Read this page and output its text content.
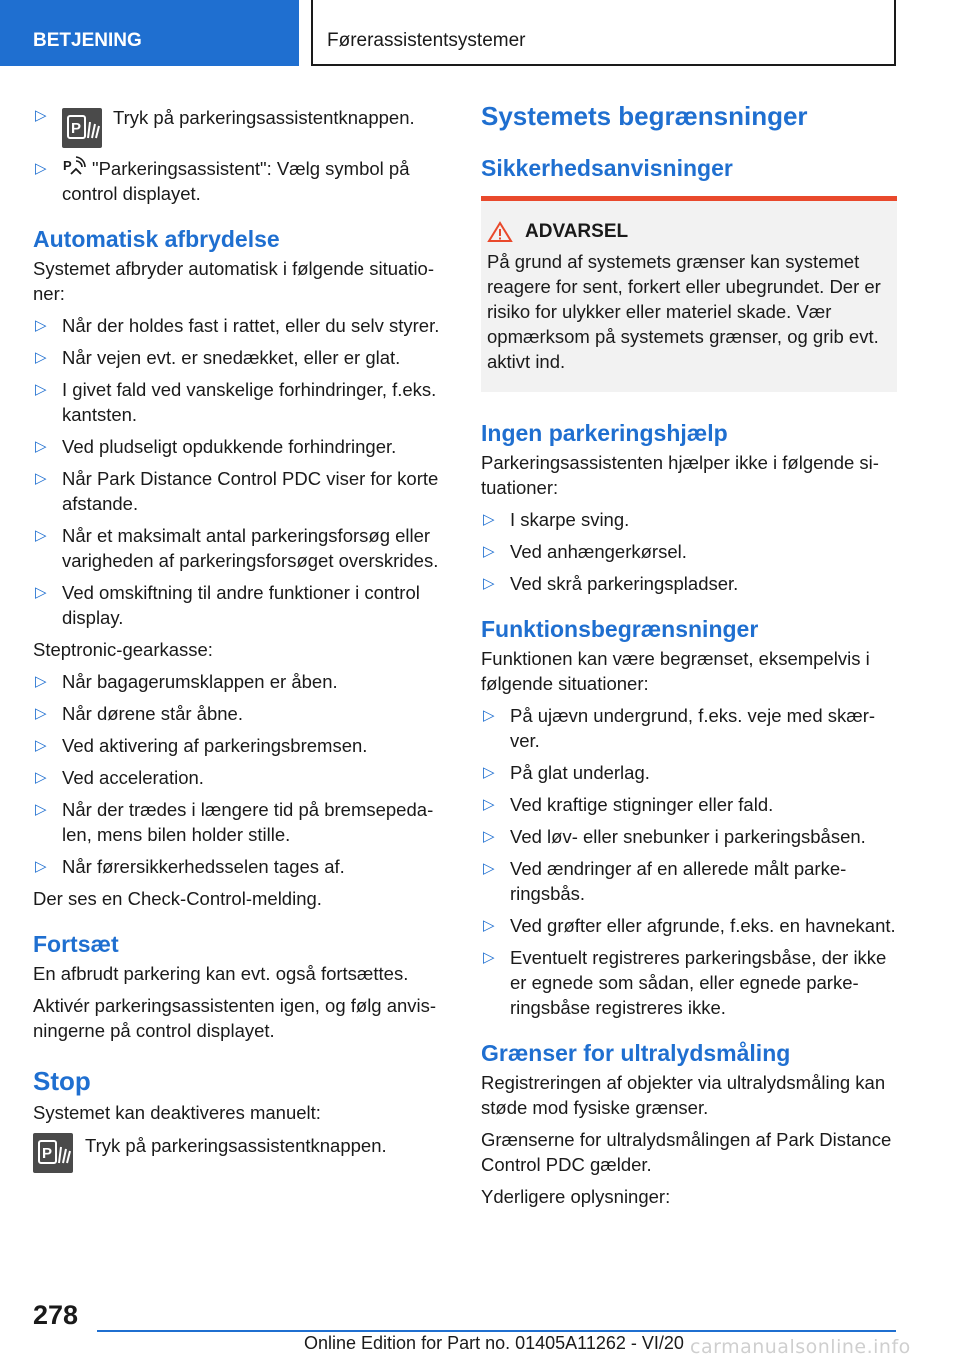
BETJENING	Førerassistentsystemer
▷
P
Tryk på parkeringsassistentknappen.
▷ P "Parkeringsassistent": Vælg symbol på control displayet.
Automatisk afbrydelse

Systemet afbryder automatisk i følgende situationer:

▷ Når der holdes fast i rattet, eller du selv styrer.
▷ Når vejen evt. er snedækket, eller er glat.
▷ I givet fald ved vanskelige forhindringer, f.eks. kantsten.
▷ Ved pludseligt opdukkende forhindringer.
▷ Når Park Distance Control PDC viser for korte afstande.
▷ Når et maksimalt antal parkeringsforsøg eller varigheden af parkeringsforsøget overskrides.
▷ Ved omskiftning til andre funktioner i control display.

Steptronic-gearkasse:

▷ Når bagagerumsklappen er åben.
▷ Når dørene står åbne.
▷ Ved aktivering af parkeringsbremsen.
▷ Ved acceleration.
▷ Når der trædes i længere tid på bremsepedalen, mens bilen holder stille.
▷ Når førersikkerhedsselen tages af.

Der ses en Check-Control-melding.

Fortsæt

En afbrudt parkering kan evt. også fortsættes.

Aktivér parkeringsassistenten igen, og følg anvisningerne på control displayet.

Stop

Systemet kan deaktiveres manuelt:

P	Tryk på parkeringsassistentknappen.
Systemets begrænsninger
Sikkerhedsanvisninger
ADVARSEL

På grund af systemets grænser kan systemet reagere for sent, forkert eller ubegrundet. Der er risiko for ulykker eller materiel skade. Vær opmærksom på systemets grænser, og grib evt. aktivt ind.

Ingen parkeringshjælp

Parkeringsassistenten hjælper ikke i følgende situationer:

▷ I skarpe sving.
▷ Ved anhængerkørsel.
▷ Ved skrå parkeringspladser.
Funktionsbegrænsninger

Funktionen kan være begrænset, eksempelvis i følgende situationer:

▷ På ujævn undergrund, f.eks. veje med skærver.
▷ På glat underlag.
▷ Ved kraftige stigninger eller fald.
▷ Ved løv- eller snebunker i parkeringsbåsen.
▷ Ved ændringer af en allerede målt parkeringsbås.
▷ Ved grøfter eller afgrunde, f.eks. en havnekant.
▷ Eventuelt registreres parkeringsbåse, der ikke er egnede som sådan, eller egnede parkeringsbåse registreres ikke.
Grænser for ultralydsmåling

Registreringen af objekter via ultralydsmåling kan støde mod fysiske grænser.

Grænserne for ultralydsmålingen af Park Distance Control PDC gælder.

Yderligere oplysninger:

278
Online Edition for Part no. 01405A11262 - VI/20 carmanualsonline.info
